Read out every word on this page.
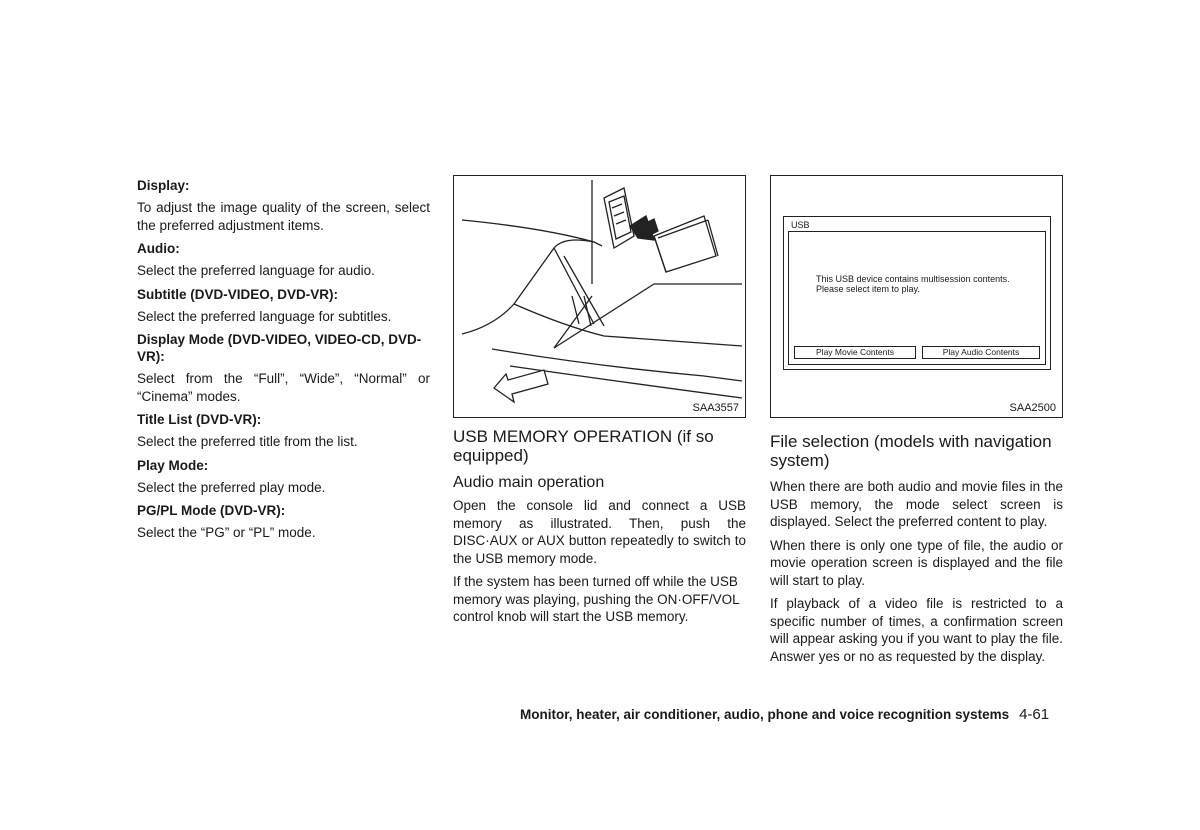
Display:
To adjust the image quality of the screen, select the preferred adjustment items.
Audio:
Select the preferred language for audio.
Subtitle (DVD-VIDEO, DVD-VR):
Select the preferred language for subtitles.
Display Mode (DVD-VIDEO, VIDEO-CD, DVD-VR):
Select from the “Full”, “Wide”, “Normal” or “Cinema” modes.
Title List (DVD-VR):
Select the preferred title from the list.
Play Mode:
Select the preferred play mode.
PG/PL Mode (DVD-VR):
Select the “PG” or “PL” mode.
SAA3557
USB MEMORY OPERATION (if so equipped)
Audio main operation
Open the console lid and connect a USB memory as illustrated. Then, push the DISC·AUX or AUX button repeatedly to switch to the USB memory mode.
If the system has been turned off while the USB memory was playing, pushing the ON·OFF/VOL control knob will start the USB memory.
USB
This USB device contains multisession contents.
Please select item to play.
Play Movie Contents	Play Audio Contents
SAA2500
File selection (models with navigation system)
When there are both audio and movie files in the USB memory, the mode select screen is displayed. Select the preferred content to play.
When there is only one type of file, the audio or movie operation screen is displayed and the file will start to play.
If playback of a video file is restricted to a specific number of times, a confirmation screen will appear asking you if you want to play the file. Answer yes or no as requested by the display.
Monitor, heater, air conditioner, audio, phone and voice recognition systems 4-61
